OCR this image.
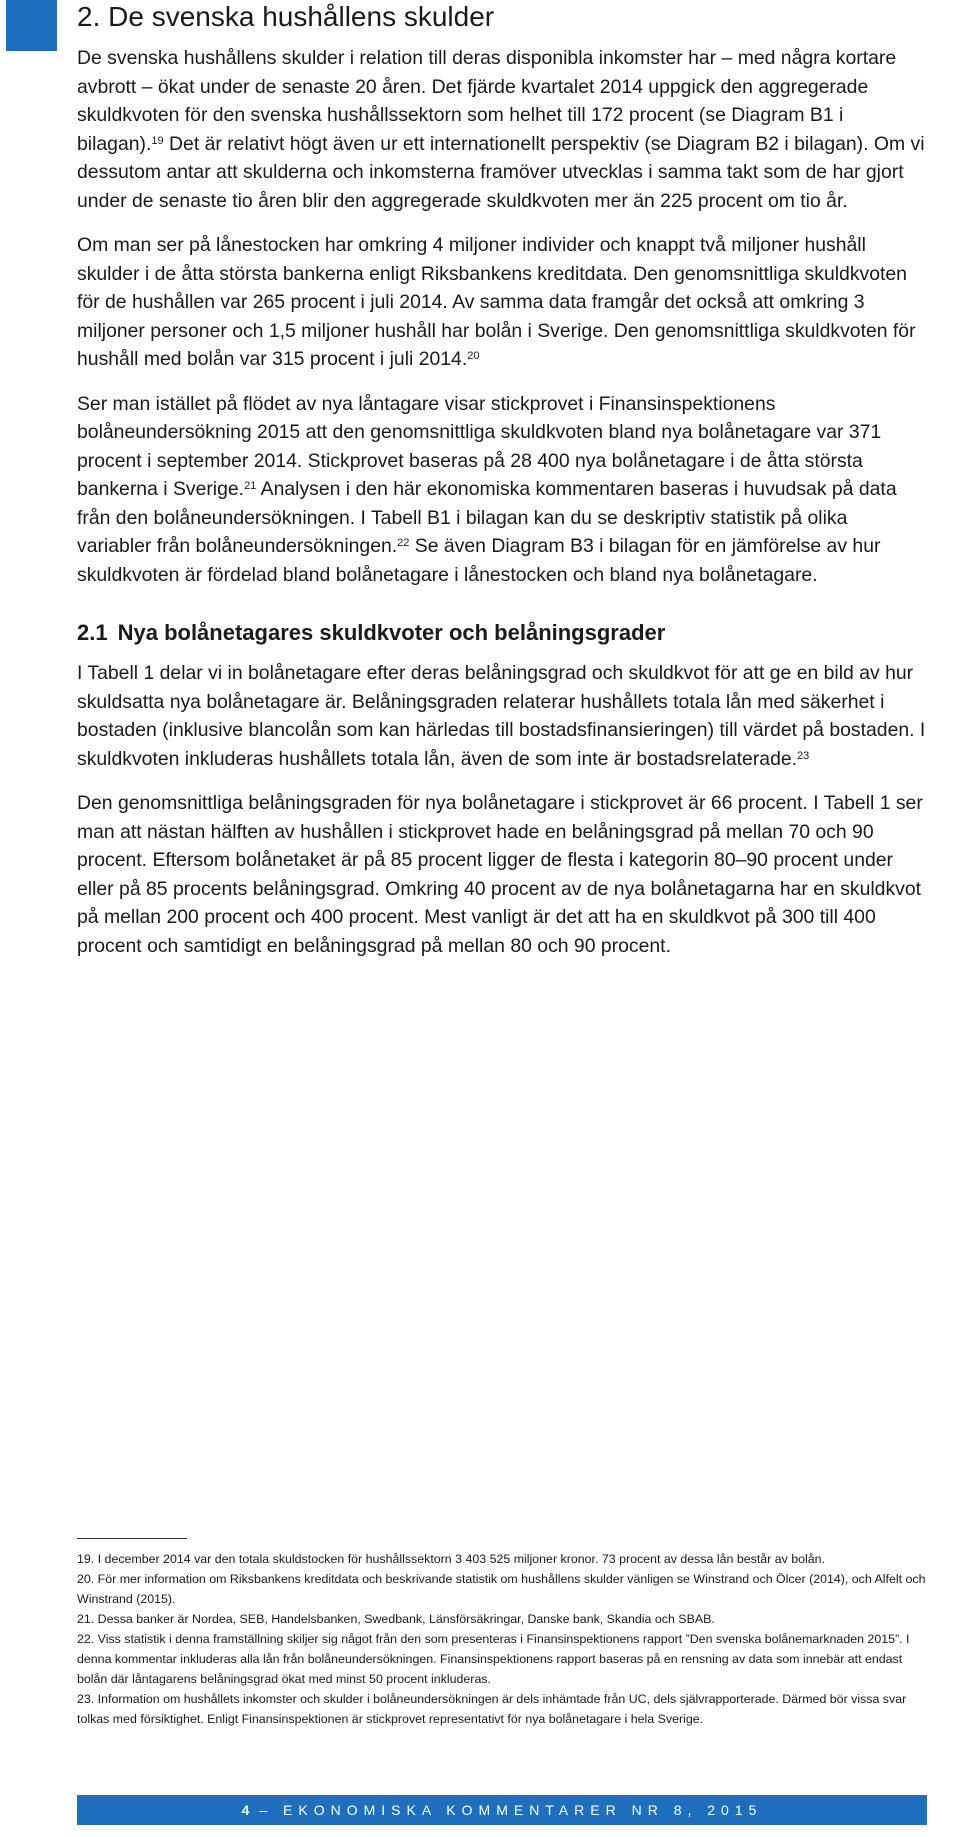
2. De svenska hushållens skulder

De svenska hushållens skulder i relation till deras disponibla inkomster har – med några kortare avbrott – ökat under de senaste 20 åren. Det fjärde kvartalet 2014 uppgick den aggregerade skuldkvoten för den svenska hushållssektorn som helhet till 172 procent (se Diagram B1 i bilagan).$^{19}$ Det är relativt högt även ur ett internationellt perspektiv (se Diagram B2 i bilagan). Om vi dessutom antar att skulderna och inkomsterna framöver utvecklas i samma takt som de har gjort under de senaste tio åren blir den aggregerade skuldkvoten mer än 225 procent om tio år.

Om man ser på lånestocken har omkring 4 miljoner individer och knappt två miljoner hushåll skulder i de åtta största bankerna enligt Riksbankens kreditdata. Den genomsnittliga skuldkvoten för de hushållen var 265 procent i juli 2014. Av samma data framgår det också att omkring 3 miljoner personer och 1,5 miljoner hushåll har bolån i Sverige. Den genomsnittliga skuldkvoten för hushåll med bolån var 315 procent i juli 2014.20

Ser man istället på flödet av nya låntagare visar stickprovet i Finansinspektionens bolåneundersökning 2015 att den genomsnittliga skuldkvoten bland nya bolånetagare var 371 procent i september 2014. Stickprovet baseras på 28 400 nya bolånetagare i de åtta största bankerna i Sverige.$^{21}$ Analysen i den här ekonomiska kommentaren baseras i huvudsak på data från den bolåneundersökningen. I Tabell B1 i bilagan kan du se deskriptiv statistik på olika variabler från bolåneundersökningen.$^{22}$ Se även Diagram B3 i bilagan för en jämförelse av hur skuldkvoten är fördelad bland bolånetagare i lånestocken och bland nya bolånetagare.

2.1 Nya bolånetagares skuldkvoter och belåningsgrader

I Tabell 1 delar vi in bolånetagare efter deras belåningsgrad och skuldkvot för att ge en bild av hur skuldsatta nya bolånetagare är. Belåningsgraden relaterar hushållets totala lån med säkerhet i bostaden (inklusive blancolån som kan härledas till bostadsfinansieringen) till värdet på bostaden. I skuldkvoten inkluderas hushållets totala lån, även de som inte är bostadsrelaterade.$^{23}$

Den genomsnittliga belåningsgraden för nya bolånetagare i stickprovet är 66 procent. I Tabell 1 ser man att nästan hälften av hushållen i stickprovet hade en belåningsgrad på mellan 70 och 90 procent. Eftersom bolånetaket är på 85 procent ligger de flesta i kategorin 80–90 procent under eller på 85 procents belåningsgrad. Omkring 40 procent av de nya bolånetagarna har en skuldkvot på mellan 200 procent och 400 procent. Mest vanligt är det att ha en skuldkvot på 300 till 400 procent och samtidigt en belåningsgrad på mellan 80 och 90 procent.

19. I december 2014 var den totala skuldstocken för hushållssektorn 3 403 525 miljoner kronor. 73 procent av dessa lån består av bolån.

20. För mer information om Riksbankens kreditdata och beskrivande statistik om hushållens skulder vänligen se Winstrand och Ölcer (2014), och Alfelt och Winstrand (2015).

21. Dessa banker är Nordea, SEB, Handelsbanken, Swedbank, Länsförsäkringar, Danske bank, Skandia och SBAB.

22. Viss statistik i denna framställning skiljer sig något från den som presenteras i Finansinspektionens rapport ”Den svenska bolånemarknaden 2015”. I denna kommentar inkluderas alla lån från bolåneundersökningen. Finansinspektionens rapport baseras på en rensning av data som innebär att endast bolån där låntagarens belåningsgrad ökat med minst 50 procent inkluderas.

23. Information om hushållets inkomster och skulder i bolåneundersökningen är dels inhämtade från UC, dels självrapporterade. Därmed bör vissa svar tolkas med försiktighet. Enligt Finansinspektionen är stickprovet representativt för nya bolånetagare i hela Sverige.

4 – EKONOMISKA KOMMENTARER NR 8, 2015
